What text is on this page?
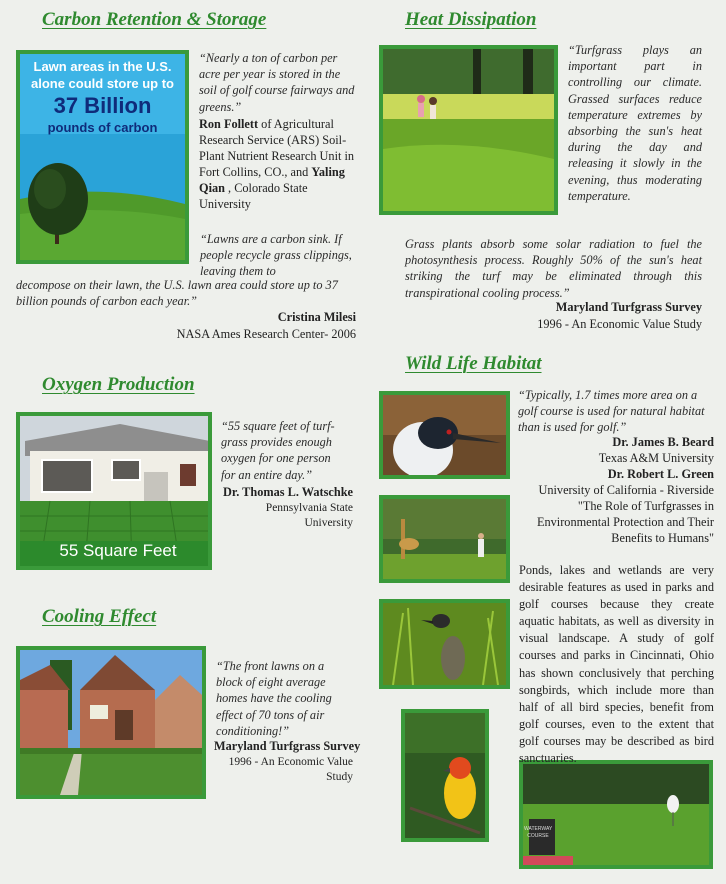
Carbon Retention & Storage
Lawn areas in the U.S.
alone could store up to
37 Billion
pounds of carbon
“Nearly a ton of carbon per acre per year is stored in the soil of golf course fairways and greens.”
Ron Follett of Agricultural Research Service (ARS) Soil-Plant Nutrient Research Unit in Fort Collins, CO., and Yaling Qian , Colorado State University
“Lawns are a carbon sink. If people recycle grass clippings, leaving them to
decompose on their lawn, the U.S. lawn area could store up to 37 billion pounds of carbon each year.”
Cristina Milesi
NASA Ames Research Center- 2006
Oxygen Production
55 Square Feet
“55 square feet of turf-grass provides enough oxygen for one person for an entire day.”
Dr. Thomas L. Watschke
Pennsylvania State
University
Cooling Effect
“The front lawns on a block of eight average homes have the cooling effect of 70 tons of air conditioning!”
Maryland Turfgrass Survey
1996 - An Economic Value
Study
Heat Dissipation
“Turfgrass plays an important part in controlling our climate. Grassed surfaces reduce temperature extremes by absorbing the sun's heat during the day and releasing it slowly in the evening, thus moderating temperature.
Grass plants absorb some solar radiation to fuel the photosynthesis process. Roughly 50% of the sun's heat striking the turf may be eliminated through this transpirational cooling process.”
Maryland Turfgrass Survey
1996 - An Economic Value Study
Wild Life Habitat
WATERWAY
COURSE
“Typically, 1.7 times more area on a golf course is used for natural habitat than is used for golf.”
Dr. James B. Beard
Texas A&M University
Dr. Robert L. Green
University of California - Riverside
"The Role of Turfgrasses in
Environmental Protection and Their
Benefits to Humans"
Ponds, lakes and wetlands are very desirable features as used in parks and golf courses because they create aquatic habitats, as well as diversity in visual landscape. A study of golf courses and parks in Cincinnati, Ohio has shown conclusively that perching songbirds, which include more than half of all bird species, benefit from golf courses, even to the extent that golf courses may be described as bird sanctuaries.
